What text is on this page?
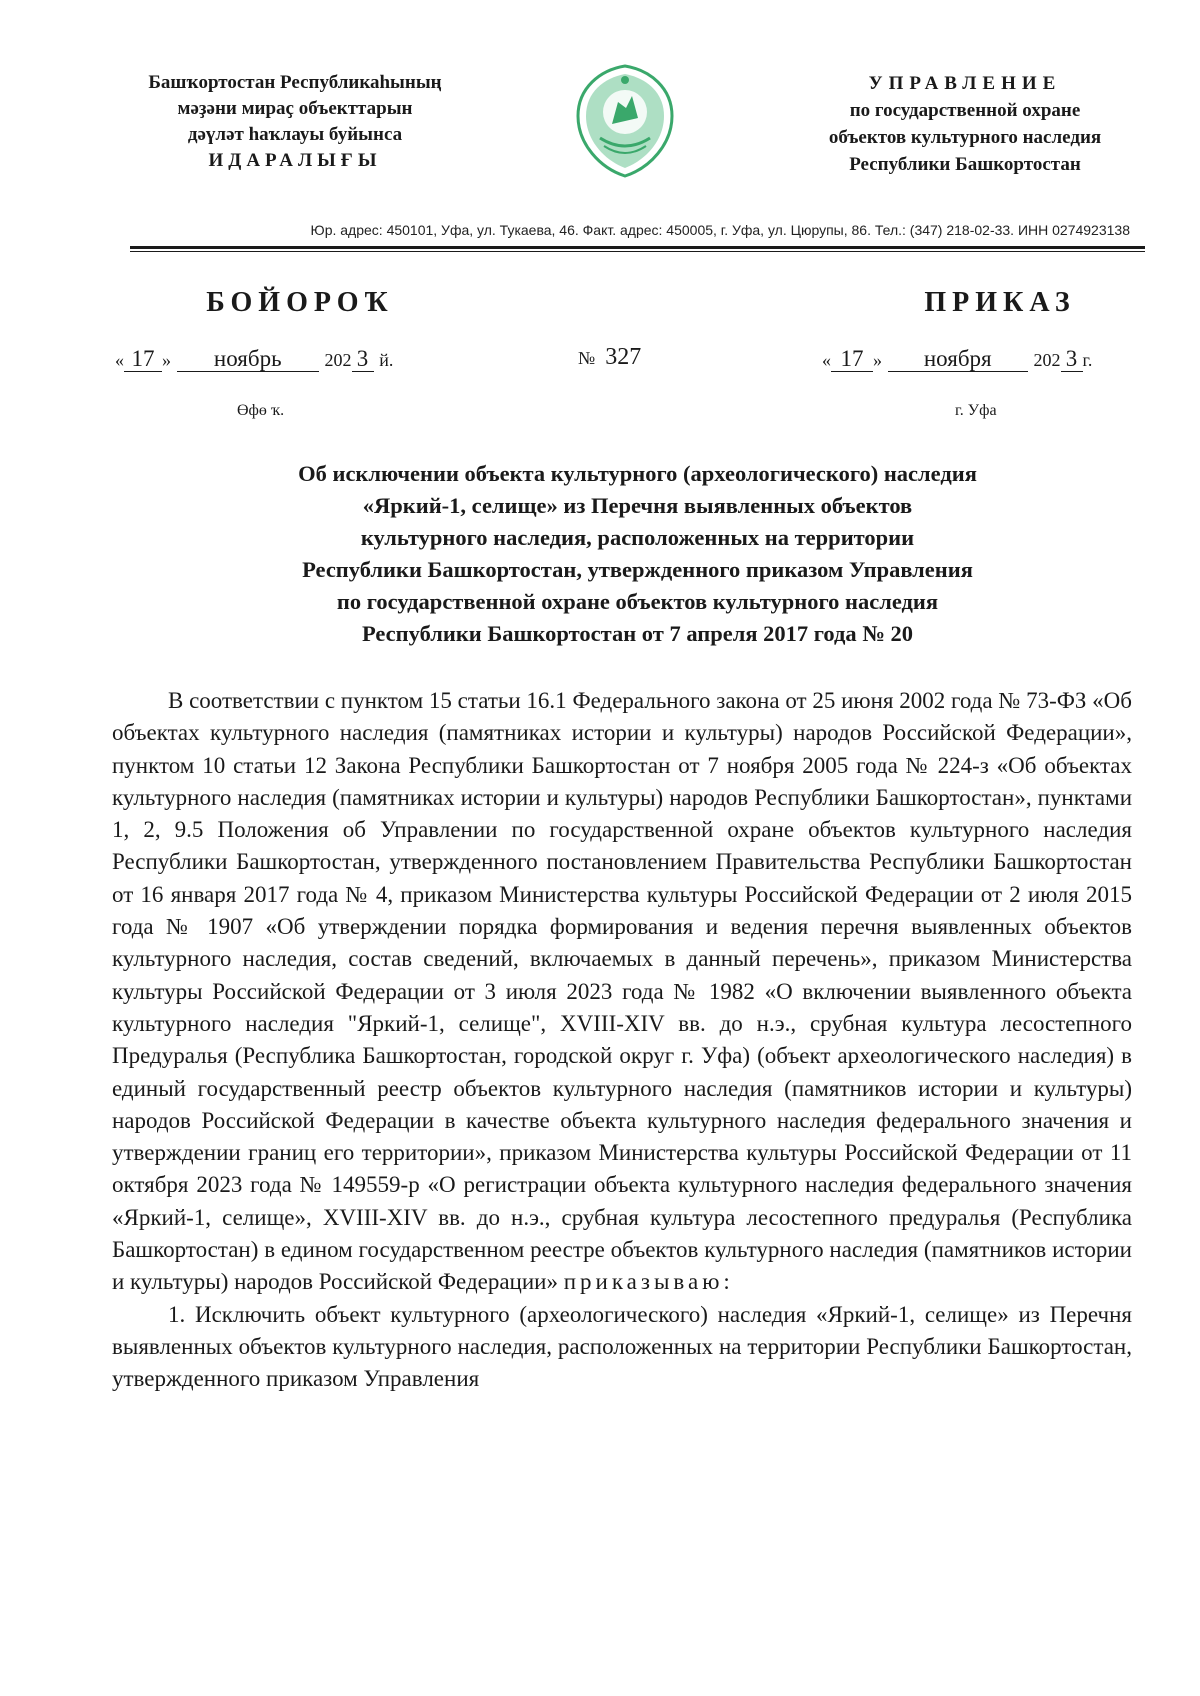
Башҡортостан Республикаһының
мәҙәни мираҫ объекттарын
дәүләт һаҡлауы буйынса
ИДАРАЛЫҒЫ
УПРАВЛЕНИЕ
по государственной охране
объектов культурного наследия
Республики Башкортостан
Юр. адрес: 450101, Уфа, ул. Тукаева, 46. Факт. адрес: 450005, г. Уфа, ул. Цюрупы, 86. Тел.: (347) 218-02-33. ИНН 0274923138
БОЙОРОҠ	ПРИКАЗ
« 17 » ноябрь 202 3 й.	№ 327	« 17 » ноября 202 3 г.
Өфө ҡ.	г. Уфа
Об исключении объекта культурного (археологического) наследия
«Яркий-1, селище» из Перечня выявленных объектов
культурного наследия, расположенных на территории
Республики Башкортостан, утвержденного приказом Управления
по государственной охране объектов культурного наследия
Республики Башкортостан от 7 апреля 2017 года № 20

В соответствии с пунктом 15 статьи 16.1 Федерального закона от 25 июня 2002 года № 73-ФЗ «Об объектах культурного наследия (памятниках истории и культуры) народов Российской Федерации», пунктом 10 статьи 12 Закона Республики Башкортостан от 7 ноября 2005 года № 224-з «Об объектах культурного наследия (памятниках истории и культуры) народов Республики Башкортостан», пунктами 1, 2, 9.5 Положения об Управлении по государственной охране объектов культурного наследия Республики Башкортостан, утвержденного постановлением Правительства Республики Башкортостан от 16 января 2017 года № 4, приказом Министерства культуры Российской Федерации от 2 июля 2015 года № 1907 «Об утверждении порядка формирования и ведения перечня выявленных объектов культурного наследия, состав сведений, включаемых в данный перечень», приказом Министерства культуры Российской Федерации от 3 июля 2023 года № 1982 «О включении выявленного объекта культурного наследия "Яркий-1, селище", XVIII-XIV вв. до н.э., срубная культура лесостепного Предуралья (Республика Башкортостан, городской округ г. Уфа) (объект археологического наследия) в единый государственный реестр объектов культурного наследия (памятников истории и культуры) народов Российской Федерации в качестве объекта культурного наследия федерального значения и утверждении границ его территории», приказом Министерства культуры Российской Федерации от 11 октября 2023 года № 149559-р «О регистрации объекта культурного наследия федерального значения «Яркий-1, селище», XVIII-XIV вв. до н.э., срубная культура лесостепного предуралья (Республика Башкортостан) в едином государственном реестре объектов культурного наследия (памятников истории и культуры) народов Российской Федерации» приказываю:

1. Исключить объект культурного (археологического) наследия «Яркий-1, селище» из Перечня выявленных объектов культурного наследия, расположенных на территории Республики Башкортостан, утвержденного приказом Управления
